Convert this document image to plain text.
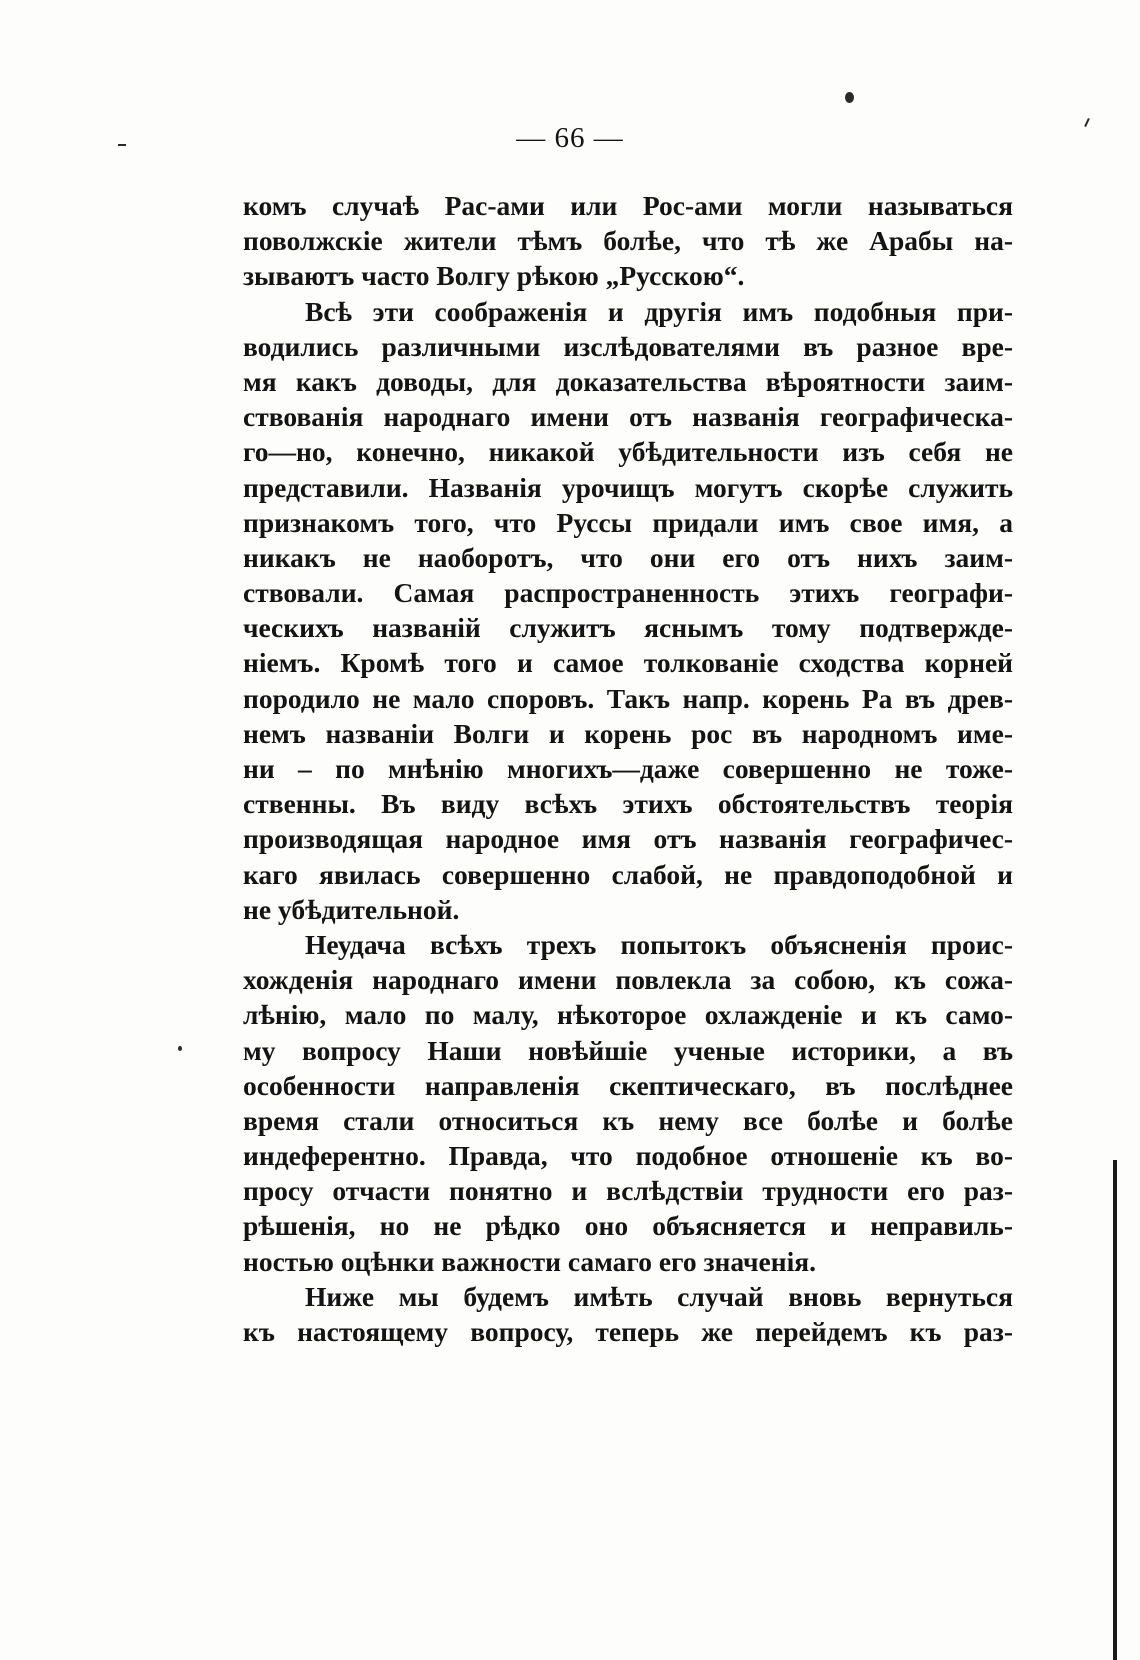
— 66 —
комъ случаѣ Рас-ами или Рос-ами могли называться
поволжскіе жители тѣмъ болѣе, что тѣ же Арабы на-
зываютъ часто Волгу рѣкою „Русскою“.
Всѣ эти соображенія и другія имъ подобныя при-
водились различными изслѣдователями въ разное вре-
мя какъ доводы, для доказательства вѣроятности заим-
ствованія народнаго имени отъ названія географическа-
го—но, конечно, никакой убѣдительности изъ себя не
представили. Названія урочищъ могутъ скорѣе служить
признакомъ того, что Руссы придали имъ свое имя, а
никакъ не наоборотъ, что они его отъ нихъ заим-
ствовали. Самая распространенность этихъ географи-
ческихъ названій служитъ яснымъ тому подтвержде-
ніемъ. Кромѣ того и самое толкованіе сходства корней
породило не мало споровъ. Такъ напр. корень Ра въ древ-
немъ названіи Волги и корень рос въ народномъ име-
ни – по мнѣнію многихъ—даже совершенно не тоже-
ственны. Въ виду всѣхъ этихъ обстоятельствъ теорія
производящая народное имя отъ названія географичес-
каго явилась совершенно слабой, не правдоподобной и
не убѣдительной.
Неудача всѣхъ трехъ попытокъ объясненія проис-
хожденія народнаго имени повлекла за собою, къ сожа-
лѣнію, мало по малу, нѣкоторое охлажденіе и къ само-
му вопросу Наши новѣйшіе ученые историки, а въ
особенности направленія скептическаго, въ послѣднее
время стали относиться къ нему все болѣе и болѣе
индеферентно. Правда, что подобное отношеніе къ во-
просу отчасти понятно и вслѣдствіи трудности его раз-
рѣшенія, но не рѣдко оно объясняется и неправиль-
ностью оцѣнки важности самаго его значенія.
Ниже мы будемъ имѣть случай вновь вернуться
къ настоящему вопросу, теперь же перейдемъ къ раз-
